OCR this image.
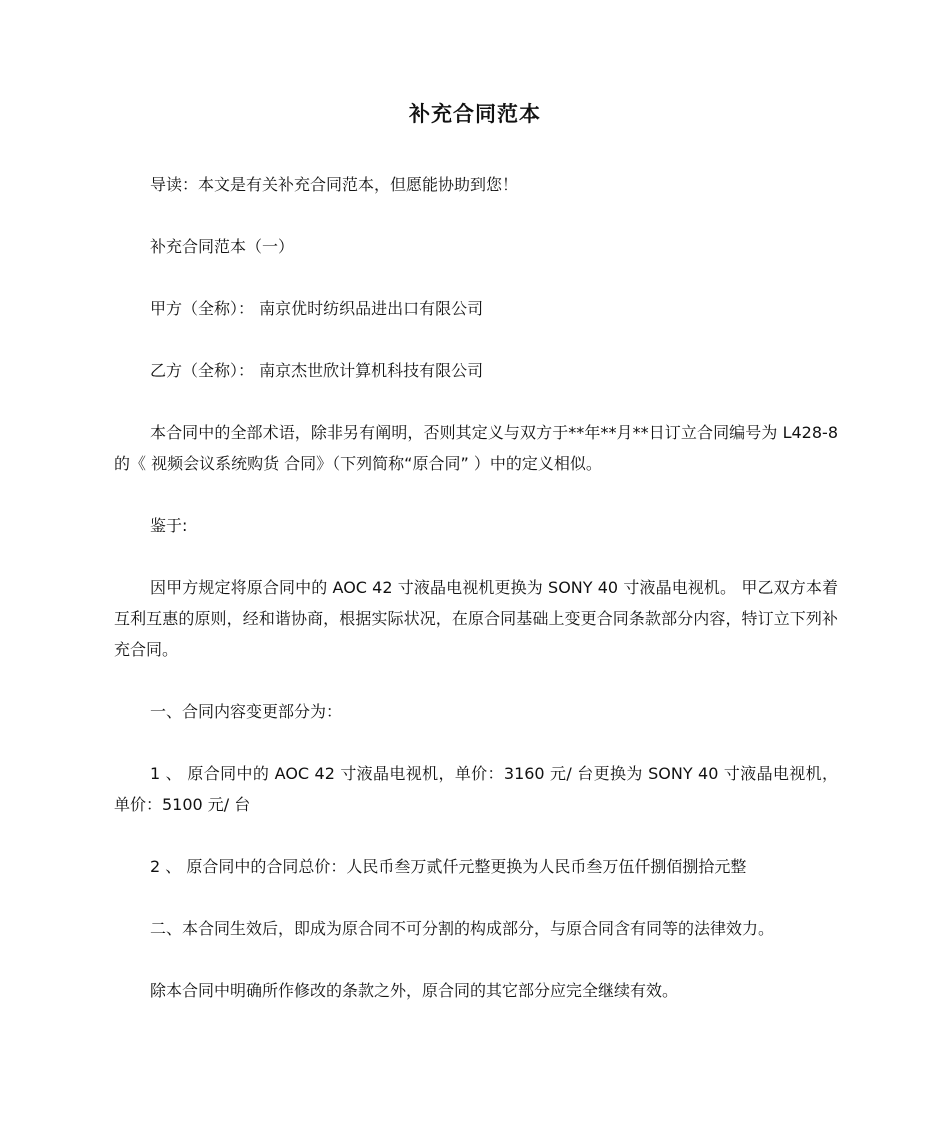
补充合同范本

导读：本文是有关补充合同范本，但愿能协助到您！

补充合同范本（一）

甲方（全称）： 南京优时纺织品进出口有限公司

乙方（全称）： 南京杰世欣计算机科技有限公司

本合同中的全部术语，除非另有阐明，否则其定义与双方于**年**月**日订立合同编号为 L428-8 的《 视频会议系统购货 合同》（下列简称“原合同” ）中的定义相似。

鉴于:

因甲方规定将原合同中的 AOC 42 寸液晶电视机更换为 SONY 40 寸液晶电视机。 甲乙双方本着互利互惠的原则，经和谐协商，根据实际状况，在原合同基础上变更合同条款部分内容，特订立下列补充合同。

一、合同内容变更部分为：

1 、 原合同中的 AOC 42 寸液晶电视机，单价：3160 元/ 台更换为 SONY 40 寸液晶电视机，单价：5100 元/ 台

2 、 原合同中的合同总价：人民币叁万贰仟元整更换为人民币叁万伍仟捌佰捌拾元整

二、本合同生效后，即成为原合同不可分割的构成部分，与原合同含有同等的法律效力。

除本合同中明确所作修改的条款之外，原合同的其它部分应完全继续有效。
